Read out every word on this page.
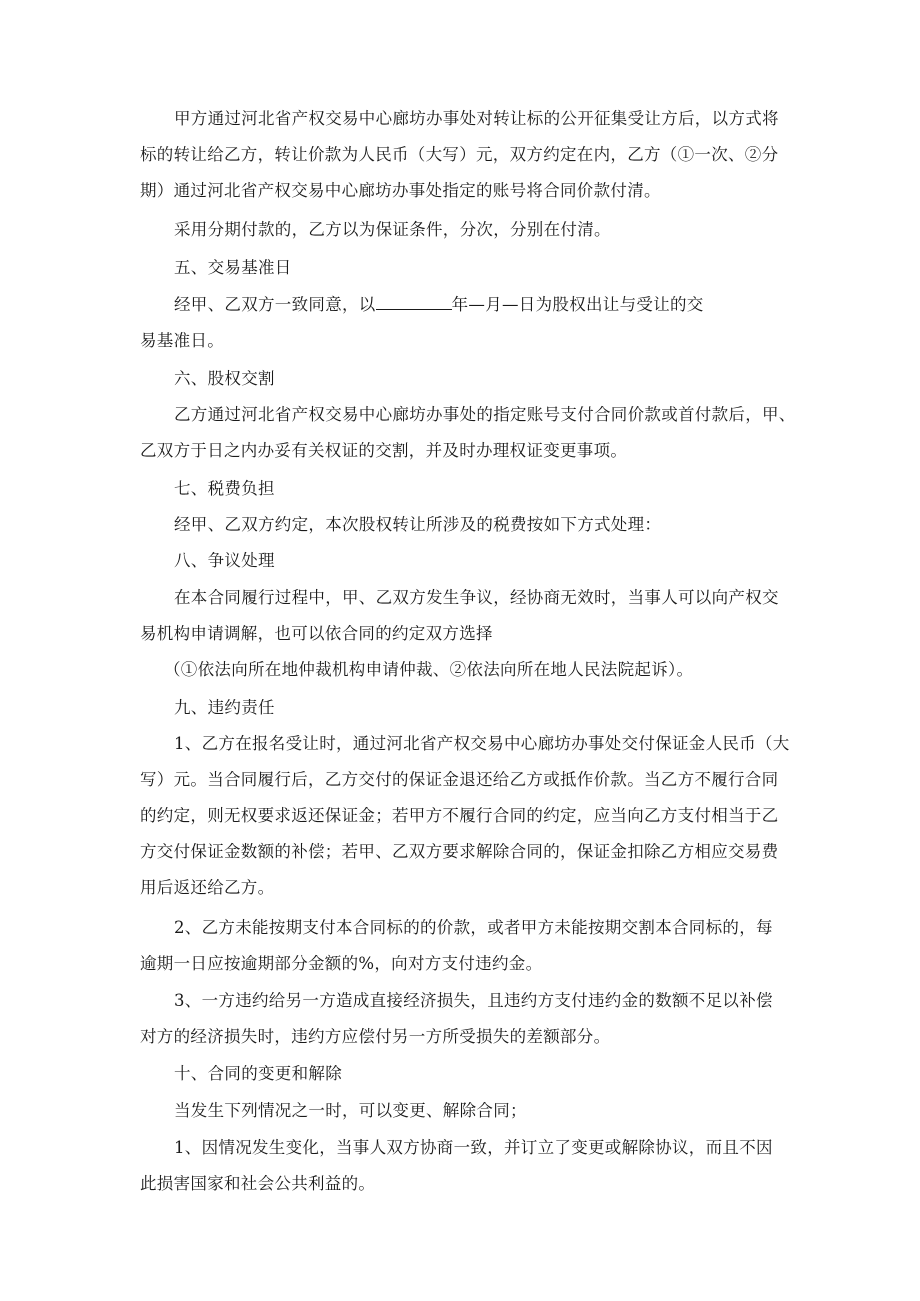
甲方通过河北省产权交易中心廊坊办事处对转让标的公开征集受让方后，以方式将
标的转让给乙方，转让价款为人民币（大写）元，双方约定在内，乙方（①一次、②分
期）通过河北省产权交易中心廊坊办事处指定的账号将合同价款付清。
采用分期付款的，乙方以为保证条件，分次，分别在付清。
五、交易基准日
经甲、乙双方一致同意，以	年—月—日为股权出让与受让的交
易基准日。
六、股权交割
乙方通过河北省产权交易中心廊坊办事处的指定账号支付合同价款或首付款后，甲、
乙双方于日之内办妥有关权证的交割，并及时办理权证变更事项。
七、税费负担
经甲、乙双方约定，本次股权转让所涉及的税费按如下方式处理：
八、争议处理
在本合同履行过程中，甲、乙双方发生争议，经协商无效时，当事人可以向产权交
易机构申请调解，也可以依合同的约定双方选择
（①依法向所在地仲裁机构申请仲裁、②依法向所在地人民法院起诉）。
九、违约责任
1、乙方在报名受让时，通过河北省产权交易中心廊坊办事处交付保证金人民币（大
写）元。当合同履行后，乙方交付的保证金退还给乙方或抵作价款。当乙方不履行合同
的约定，则无权要求返还保证金；若甲方不履行合同的约定，应当向乙方支付相当于乙
方交付保证金数额的补偿；若甲、乙双方要求解除合同的，保证金扣除乙方相应交易费
用后返还给乙方。
2、乙方未能按期支付本合同标的的价款，或者甲方未能按期交割本合同标的，每
逾期一日应按逾期部分金额的%，向对方支付违约金。
3、一方违约给另一方造成直接经济损失，且违约方支付违约金的数额不足以补偿
对方的经济损失时，违约方应偿付另一方所受损失的差额部分。
十、合同的变更和解除
当发生下列情况之一时，可以变更、解除合同；
1、因情况发生变化，当事人双方协商一致，并订立了变更或解除协议，而且不因
此损害国家和社会公共利益的。
